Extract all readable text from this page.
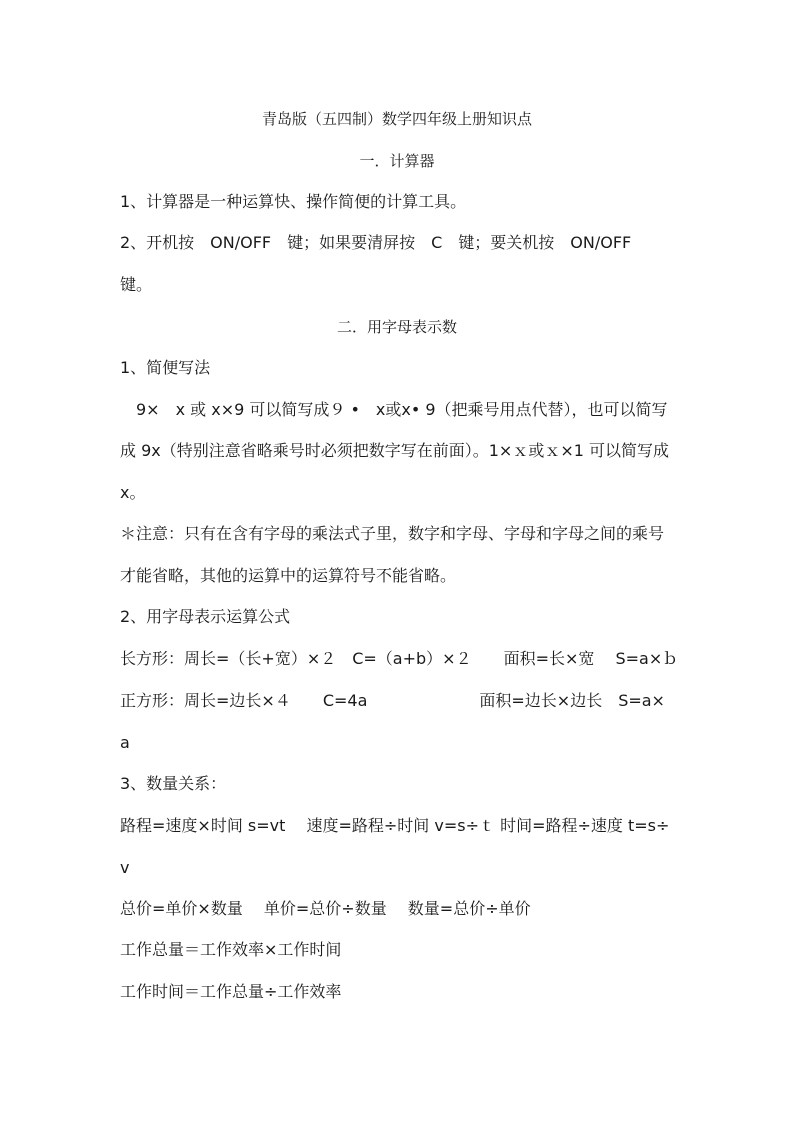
青岛版（五四制）数学四年级上册知识点
一．计算器
1、计算器是一种运算快、操作简便的计算工具。
2、开机按　ON/OFF　键；如果要清屏按　C　键；要关机按　ON/OFF
键。
二．用字母表示数
1、简便写法
9×　x 或 x×9 可以简写成９ •　x或x• 9（把乘号用点代替），也可以简写
成 9x（特别注意省略乘号时必须把数字写在前面）。1×ｘ或ｘ×1 可以简写成
x。
＊注意：只有在含有字母的乘法式子里，数字和字母、字母和字母之间的乘号
才能省略，其他的运算中的运算符号不能省略。
2、用字母表示运算公式
长方形：周长=（长+宽）×２　C=（a+b）×２　　面积=长×宽　 S=a×ｂ
正方形：周长=边长×４　　C=4a　　　　　　　面积=边长×边长　S=a×
a
3、数量关系：
路程=速度×时间 s=vt　 速度=路程÷时间 v=s÷ｔ 时间=路程÷速度 t=s÷
v
总价=单价×数量　 单价=总价÷数量　 数量=总价÷单价
工作总量＝工作效率×工作时间
工作时间＝工作总量÷工作效率
